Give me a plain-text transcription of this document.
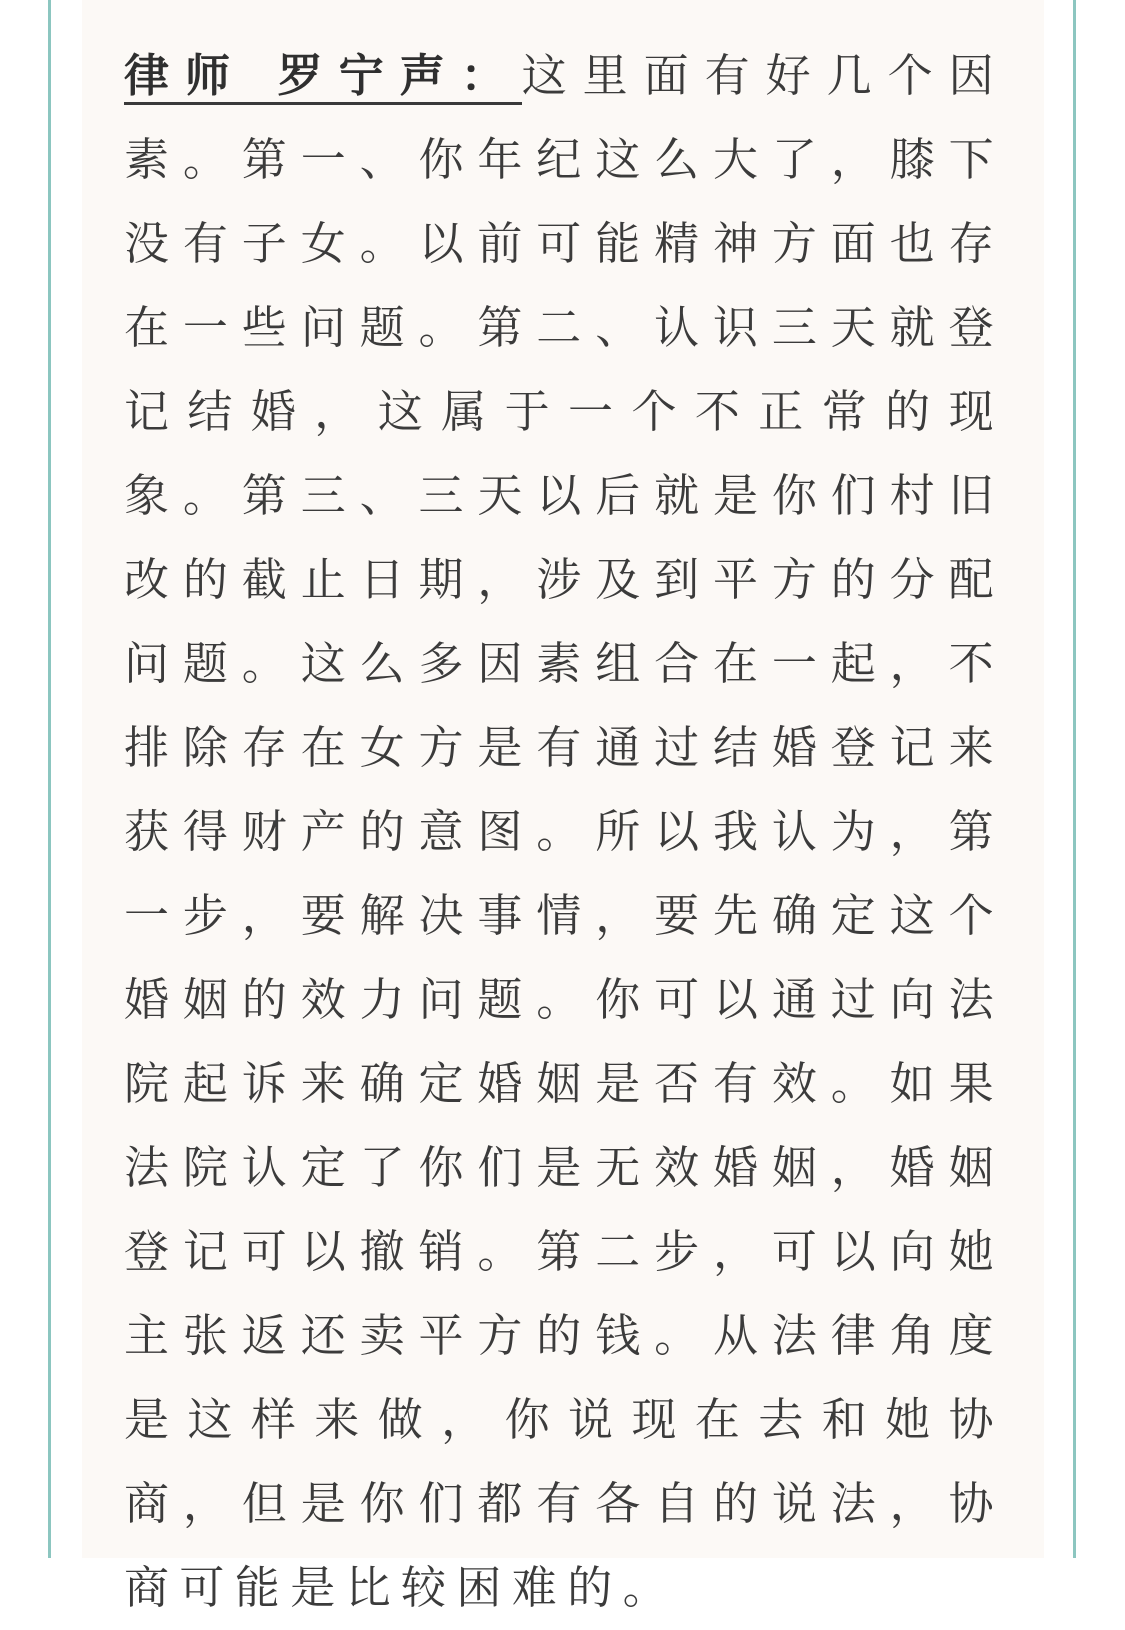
律师 罗宁声：这里面有好几个因素。第一、你年纪这么大了，膝下没有子女。以前可能精神方面也存在一些问题。第二、认识三天就登记结婚，这属于一个不正常的现象。第三、三天以后就是你们村旧改的截止日期，涉及到平方的分配问题。这么多因素组合在一起，不排除存在女方是有通过结婚登记来获得财产的意图。所以我认为，第一步，要解决事情，要先确定这个婚姻的效力问题。你可以通过向法院起诉来确定婚姻是否有效。如果法院认定了你们是无效婚姻，婚姻登记可以撤销。第二步，可以向她主张返还卖平方的钱。从法律角度是这样来做，你说现在去和她协商，但是你们都有各自的说法，协商可能是比较困难的。
